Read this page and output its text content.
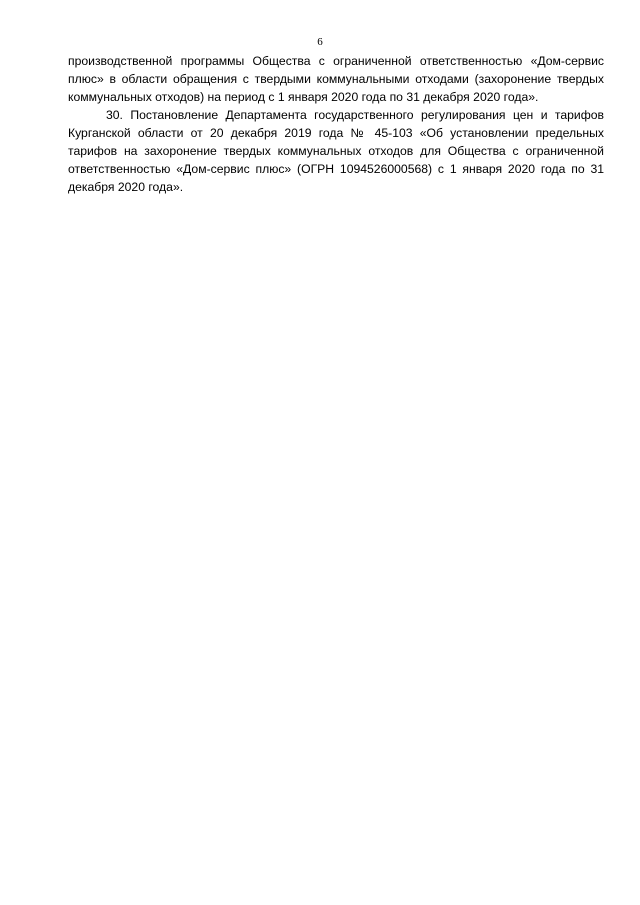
6

производственной программы Общества с ограниченной ответственностью «Дом-сервис плюс» в области обращения с твердыми коммунальными отходами (захоронение твердых коммунальных отходов) на период с 1 января 2020 года по 31 декабря 2020 года».

30. Постановление Департамента государственного регулирования цен и тарифов Курганской области от 20 декабря 2019 года № 45-103 «Об установлении предельных тарифов на захоронение твердых коммунальных отходов для Общества с ограниченной ответственностью «Дом-сервис плюс» (ОГРН 1094526000568) с 1 января 2020 года по 31 декабря 2020 года».
